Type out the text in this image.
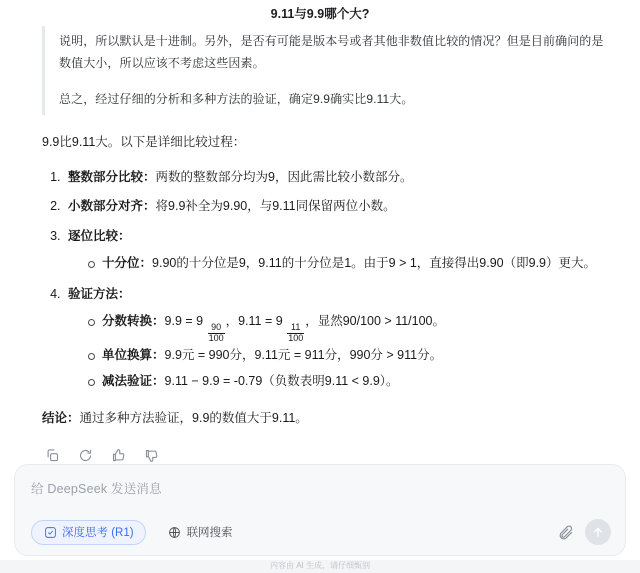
9.11与9.9哪个大?

说明，所以默认是十进制。另外，是否有可能是版本号或者其他非数值比较的情况？但是目前确问的是数值大小，所以应该不考虑这些因素。

总之，经过仔细的分析和多种方法的验证，确定9.9确实比9.11大。

9.9比9.11大。以下是详细比较过程：
1. 整数部分比较：两数的整数部分均为9，因此需比较小数部分。
2. 小数部分对齐：将9.9补全为9.90，与9.11同保留两位小数。
3. 逐位比较：
十分位：9.90的十分位是9，9.11的十分位是1。由于9 > 1，直接得出9.90（即9.9）更大。
4. 验证方法：
分数转换：9.9 = 9
$\frac{90}{100}$
，9.11 = 9
$\frac{11}{100}$
，显然90/100 > 11/100。
单位换算：9.9元 = 990分，9.11元 = 911分，990分 > 911分。
减法验证：9.11 − 9.9 = -0.79（负数表明9.11 < 9.9）。
结论：通过多种方法验证，9.9的数值大于9.11。
给 DeepSeek 发送消息
深度思考 (R1)	联网搜索
内容由 AI 生成，请仔细甄别
